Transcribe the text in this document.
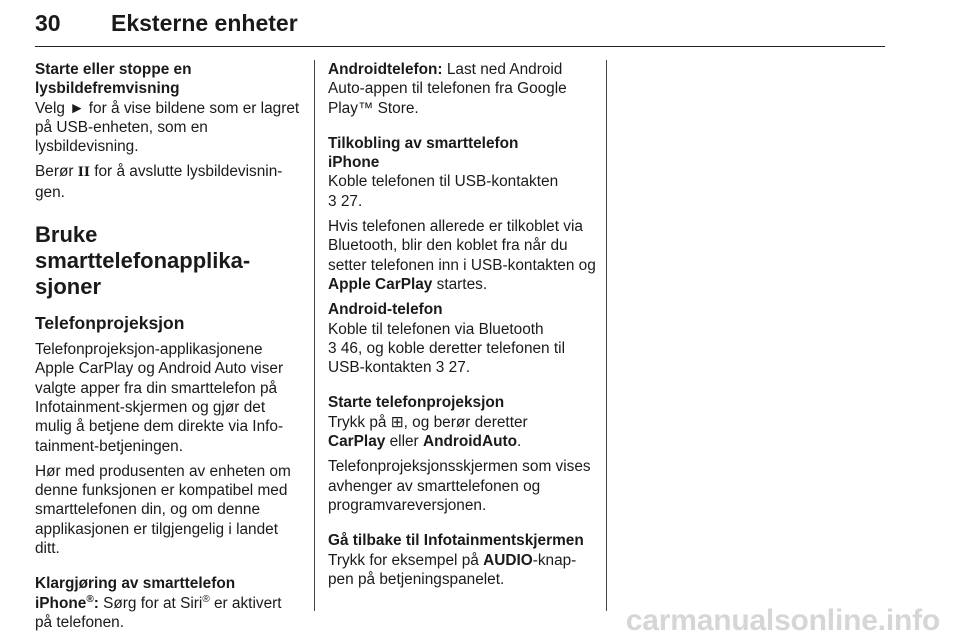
30 Eksterne enheter

Starte eller stoppe en lysbildefremvisning

Velg ► for å vise bildene som er lagret på USB-enheten, som en lysbildevisning.

Berør II for å avslutte lysbildevisnin- gen.

Bruke smarttelefonapplika- sjoner

Telefonprojeksjon

Telefonprojeksjon-applikasjonene Apple CarPlay og Android Auto viser valgte apper fra din smarttelefon på Infotainment-skjermen og gjør det mulig å betjene dem direkte via Info- tainment-betjeningen.

Hør med produsenten av enheten om denne funksjonen er kompatibel med smarttelefonen din, og om denne applikasjonen er tilgjengelig i landet ditt.

Klargjøring av smarttelefon

iPhone®: Sørg for at Siri® er aktivert på telefonen.

Androidtelefon: Last ned Android Auto-appen til telefonen fra Google Play™ Store.

Tilkobling av smarttelefon

iPhone

Koble telefonen til USB-kontakten
3 27.

Hvis telefonen allerede er tilkoblet via Bluetooth, blir den koblet fra når du setter telefonen inn i USB-kontakten og Apple CarPlay startes.

Android-telefon

Koble til telefonen via Bluetooth
3 46, og koble deretter telefonen til USB-kontakten 3 27.

Starte telefonprojeksjon

Trykk på ⊞, og berør deretter
CarPlay eller AndroidAuto.

Telefonprojeksjonsskjermen som vises avhenger av smarttelefonen og programvareversjonen.

Gå tilbake til Infotainmentskjermen

Trykk for eksempel på AUDIO-knap- pen på betjeningspanelet.

carmanualsonline.info
